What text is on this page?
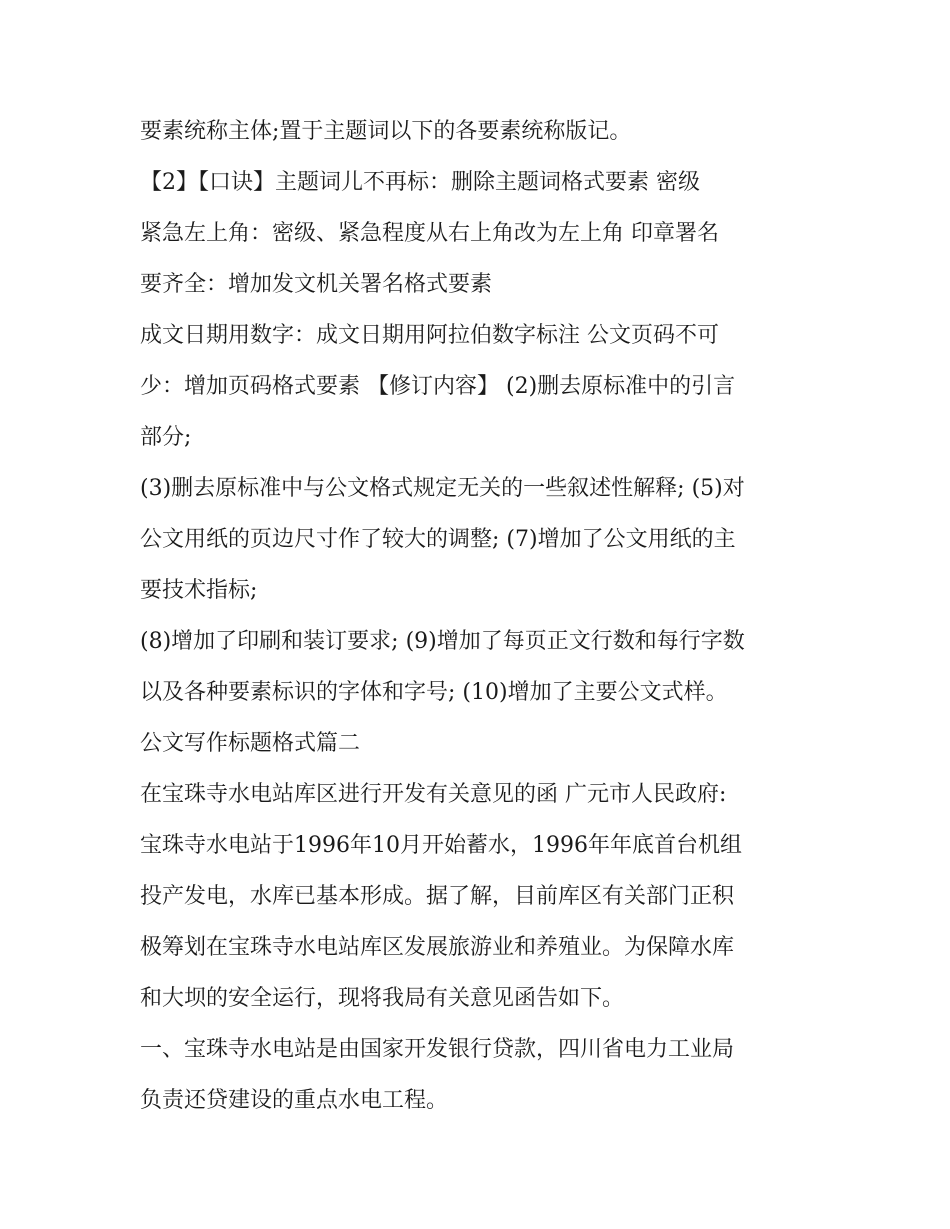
要素统称主体;置于主题词以下的各要素统称版记。
【2】【口诀】主题词儿不再标：删除主题词格式要素 密级
紧急左上角：密级、紧急程度从右上角改为左上角 印章署名
要齐全：增加发文机关署名格式要素
成文日期用数字：成文日期用阿拉伯数字标注 公文页码不可
少：增加页码格式要素 【修订内容】 (2)删去原标准中的引言
部分;
(3)删去原标准中与公文格式规定无关的一些叙述性解释; (5)对
公文用纸的页边尺寸作了较大的调整; (7)增加了公文用纸的主
要技术指标;
(8)增加了印刷和装订要求; (9)增加了每页正文行数和每行字数
以及各种要素标识的字体和字号; (10)增加了主要公文式样。
公文写作标题格式篇二
在宝珠寺水电站库区进行开发有关意见的函 广元市人民政府:
宝珠寺水电站于1996年10月开始蓄水，1996年年底首台机组
投产发电，水库已基本形成。据了解，目前库区有关部门正积
极筹划在宝珠寺水电站库区发展旅游业和养殖业。为保障水库
和大坝的安全运行，现将我局有关意见函告如下。
一、宝珠寺水电站是由国家开发银行贷款，四川省电力工业局
负责还贷建设的重点水电工程。
